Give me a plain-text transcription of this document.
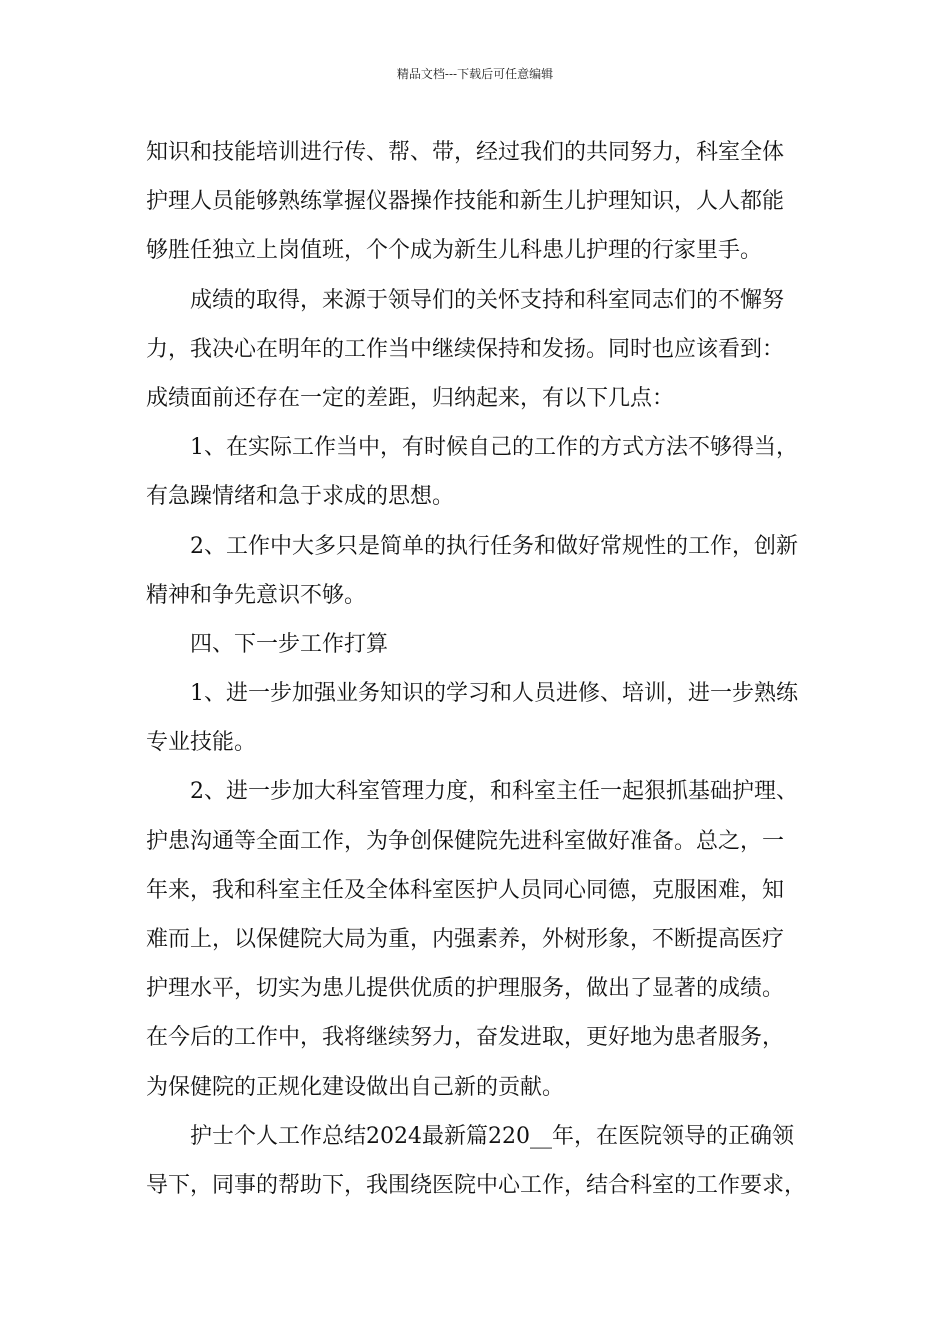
精品文档---下载后可任意编辑
知识和技能培训进行传、帮、带，经过我们的共同努力，科室全体
护理人员能够熟练掌握仪器操作技能和新生儿护理知识，人人都能
够胜任独立上岗值班，个个成为新生儿科患儿护理的行家里手。
成绩的取得，来源于领导们的关怀支持和科室同志们的不懈努
力，我决心在明年的工作当中继续保持和发扬。同时也应该看到：
成绩面前还存在一定的差距，归纳起来，有以下几点：
1、在实际工作当中，有时候自己的工作的方式方法不够得当，
有急躁情绪和急于求成的思想。
2、工作中大多只是简单的执行任务和做好常规性的工作，创新
精神和争先意识不够。
四、下一步工作打算
1、进一步加强业务知识的学习和人员进修、培训，进一步熟练
专业技能。
2、进一步加大科室管理力度，和科室主任一起狠抓基础护理、
护患沟通等全面工作，为争创保健院先进科室做好准备。总之，一
年来，我和科室主任及全体科室医护人员同心同德，克服困难，知
难而上，以保健院大局为重，内强素养，外树形象，不断提高医疗
护理水平，切实为患儿提供优质的护理服务，做出了显著的成绩。
在今后的工作中，我将继续努力，奋发进取，更好地为患者服务，
为保健院的正规化建设做出自己新的贡献。
护士个人工作总结2024最新篇220__年，在医院领导的正确领
导下，同事的帮助下，我围绕医院中心工作，结合科室的工作要求，
